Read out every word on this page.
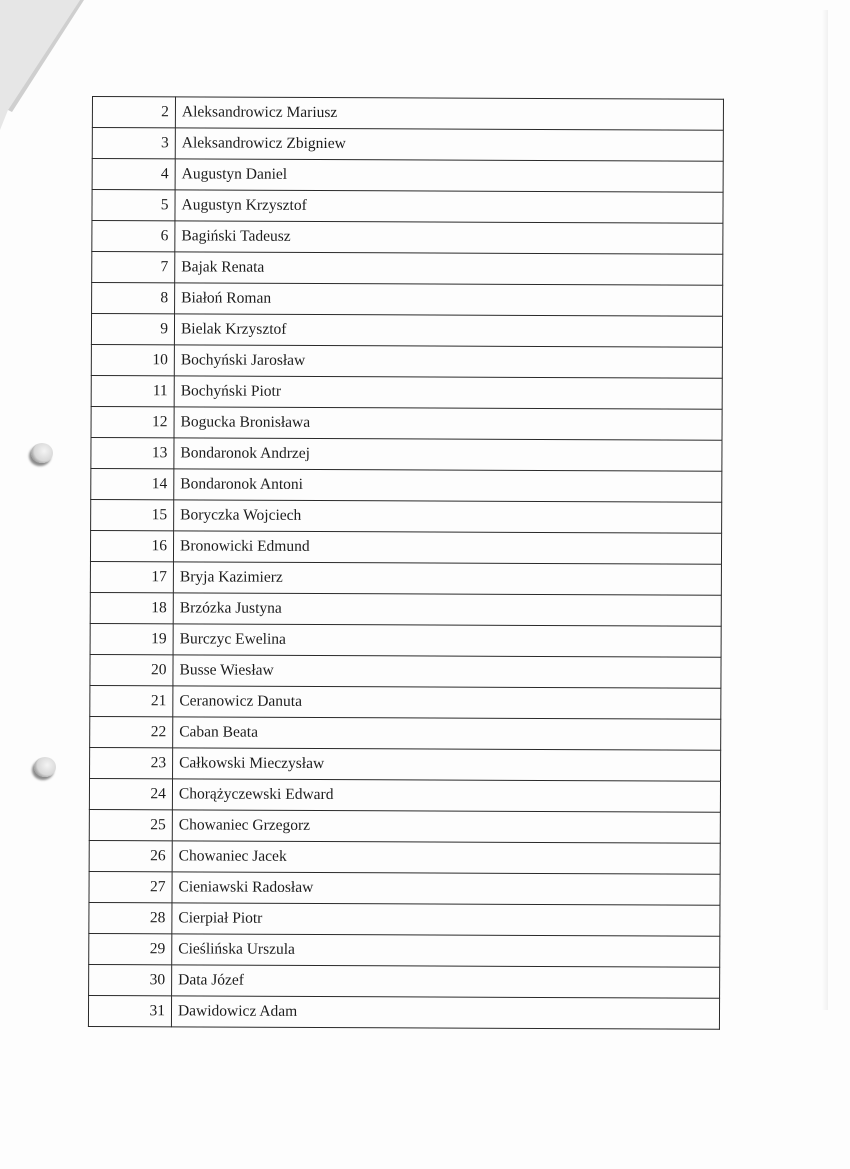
2	Aleksandrowicz Mariusz
3	Aleksandrowicz Zbigniew
4	Augustyn Daniel
5	Augustyn Krzysztof
6	Bagiński Tadeusz
7	Bajak Renata
8	Białoń Roman
9	Bielak Krzysztof
10	Bochyński Jarosław
11	Bochyński Piotr
12	Bogucka Bronisława
13	Bondaronok Andrzej
14	Bondaronok Antoni
15	Boryczka Wojciech
16	Bronowicki Edmund
17	Bryja Kazimierz
18	Brzózka Justyna
19	Burczyc Ewelina
20	Busse Wiesław
21	Ceranowicz Danuta
22	Caban Beata
23	Całkowski Mieczysław
24	Chorążyczewski Edward
25	Chowaniec Grzegorz
26	Chowaniec Jacek
27	Cieniawski Radosław
28	Cierpiał Piotr
29	Cieślińska Urszula
30	Data Józef
31	Dawidowicz Adam
